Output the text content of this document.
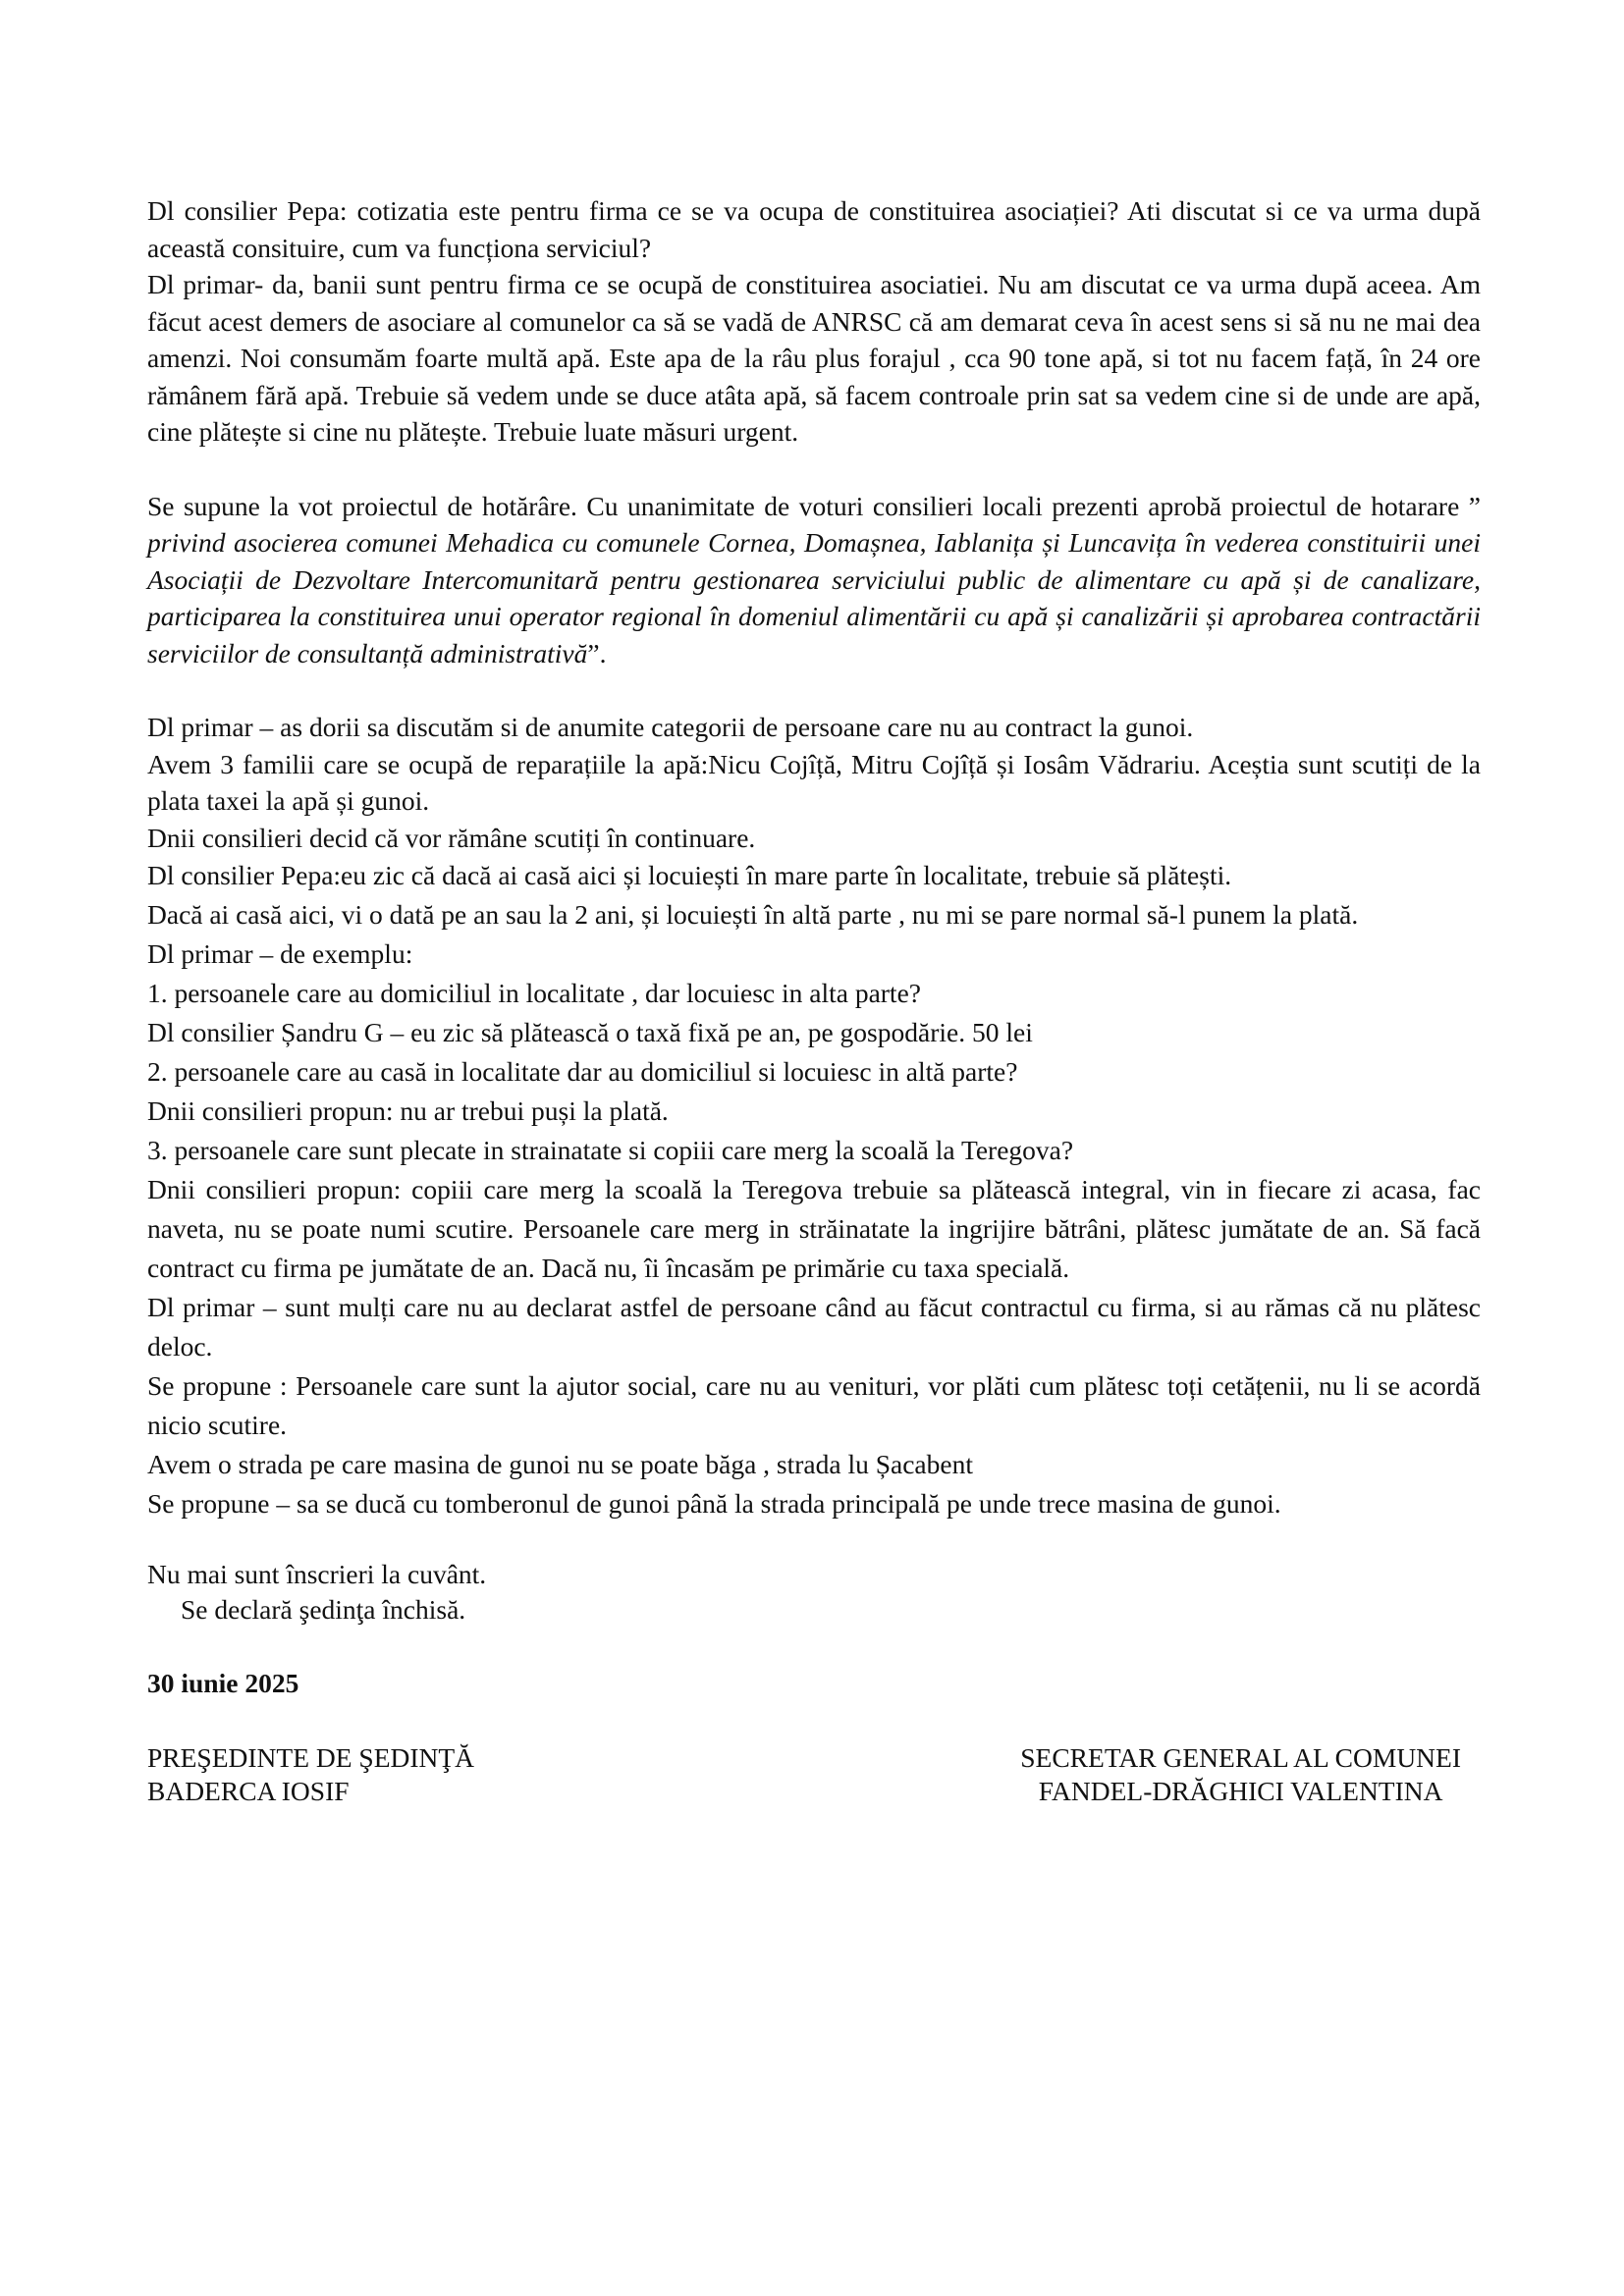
Dl consilier Pepa: cotizatia este pentru firma ce se va ocupa de constituirea asociației? Ati discutat si ce va urma după această consituire, cum va funcționa serviciul?

Dl primar- da, banii sunt pentru firma ce se ocupă de constituirea asociatiei. Nu am discutat ce va urma după aceea. Am făcut acest demers de asociare al comunelor ca să se vadă de ANRSC că am demarat ceva în acest sens si să nu ne mai dea amenzi. Noi consumăm foarte multă apă. Este apa de la râu plus forajul , cca 90 tone apă, si tot nu facem față, în 24 ore rămânem fără apă. Trebuie să vedem unde se duce atâta apă, să facem controale prin sat sa vedem cine si de unde are apă, cine plătește si cine nu plătește. Trebuie luate măsuri urgent.

Se supune la vot proiectul de hotărâre. Cu unanimitate de voturi consilieri locali prezenti aprobă proiectul de hotarare ” privind asocierea comunei Mehadica cu comunele Cornea, Domașnea, Iablanița și Luncavița în vederea constituirii unei Asociații de Dezvoltare Intercomunitară pentru gestionarea serviciului public de alimentare cu apă și de canalizare, participarea la constituirea unui operator regional în domeniul alimentării cu apă și canalizării și aprobarea contractării serviciilor de consultanță administrativă”.

Dl primar – as dorii sa discutăm si de anumite categorii de persoane care nu au contract la gunoi.

Avem 3 familii care se ocupă de reparațiile la apă:Nicu Cojîță, Mitru Cojîță și Iosâm Vădrariu. Aceștia sunt scutiți de la plata taxei la apă și gunoi.

Dnii consilieri decid că vor rămâne scutiți în continuare.

Dl consilier Pepa:eu zic că dacă ai casă aici și locuiești în mare parte în localitate, trebuie să plătești.

Dacă ai casă aici, vi o dată pe an sau la 2 ani, și locuiești în altă parte , nu mi se pare normal să-l punem la plată.

Dl primar – de exemplu:

1. persoanele care au domiciliul in localitate , dar locuiesc in alta parte?

Dl consilier Șandru G – eu zic să plătească o taxă fixă pe an, pe gospodărie. 50 lei

2. persoanele care au casă in localitate dar au domiciliul si locuiesc in altă parte?

Dnii consilieri propun: nu ar trebui puși la plată.

3. persoanele care sunt plecate in strainatate si copiii care merg la scoală la Teregova?

Dnii consilieri propun: copiii care merg la scoală la Teregova trebuie sa plătească integral, vin in fiecare zi acasa, fac naveta, nu se poate numi scutire. Persoanele care merg in străinatate la ingrijire bătrâni, plătesc jumătate de an. Să facă contract cu firma pe jumătate de an. Dacă nu, îi încasăm pe primărie cu taxa specială.

Dl primar – sunt mulți care nu au declarat astfel de persoane când au făcut contractul cu firma, si au rămas că nu plătesc deloc.

Se propune : Persoanele care sunt la ajutor social, care nu au venituri, vor plăti cum plătesc toți cetățenii, nu li se acordă nicio scutire.

Avem o strada pe care masina de gunoi nu se poate băga , strada lu Șacabent

Se propune – sa se ducă cu tomberonul de gunoi până la strada principală pe unde trece masina de gunoi.

Nu mai sunt înscrieri la cuvânt.

Se declară şedinţa închisă.

30 iunie 2025

PREŞEDINTE DE ŞEDINŢĂ
BADERCA IOSIF
SECRETAR GENERAL AL COMUNEI
FANDEL-DRĂGHICI VALENTINA
